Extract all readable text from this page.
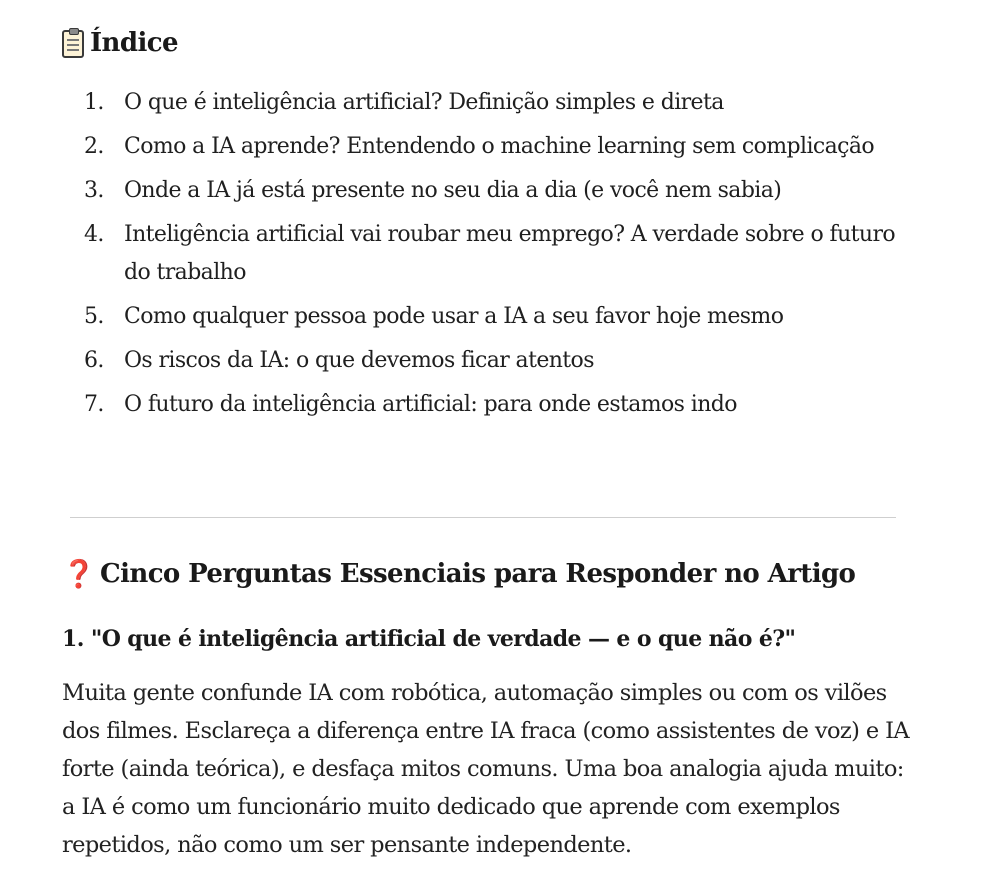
Índice
1. O que é inteligência artificial? Definição simples e direta
2. Como a IA aprende? Entendendo o machine learning sem complicação
3. Onde a IA já está presente no seu dia a dia (e você nem sabia)
4. Inteligência artificial vai roubar meu emprego? A verdade sobre o futuro do trabalho
5. Como qualquer pessoa pode usar a IA a seu favor hoje mesmo
6. Os riscos da IA: o que devemos ficar atentos
7. O futuro da inteligência artificial: para onde estamos indo
❓ Cinco Perguntas Essenciais para Responder no Artigo
1. "O que é inteligência artificial de verdade — e o que não é?"

Muita gente confunde IA com robótica, automação simples ou com os vilões dos filmes. Esclareça a diferença entre IA fraca (como assistentes de voz) e IA forte (ainda teórica), e desfaça mitos comuns. Uma boa analogia ajuda muito: a IA é como um funcionário muito dedicado que aprende com exemplos repetidos, não como um ser pensante independente.
